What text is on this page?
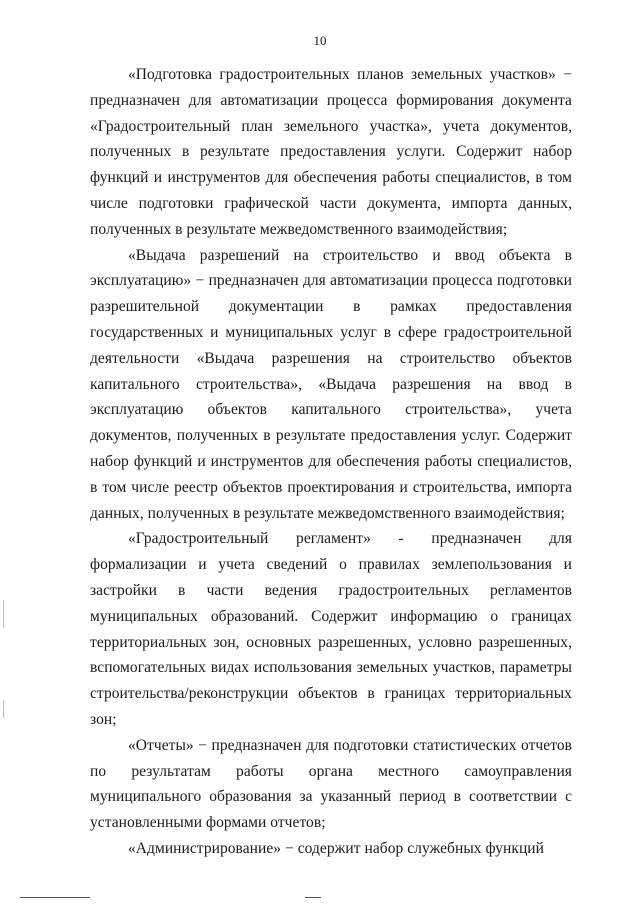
10

«Подготовка градостроительных планов земельных участков» − предназначен для автоматизации процесса формирования документа «Градостроительный план земельного участка», учета документов, полученных в результате предоставления услуги. Содержит набор функций и инструментов для обеспечения работы специалистов, в том числе подготовки графической части документа, импорта данных, полученных в результате межведомственного взаимодействия;

«Выдача разрешений на строительство и ввод объекта в эксплуатацию» − предназначен для автоматизации процесса подготовки разрешительной документации в рамках предоставления государственных и муниципальных услуг в сфере градостроительной деятельности «Выдача разрешения на строительство объектов капитального строительства», «Выдача разрешения на ввод в эксплуатацию объектов капитального строительства», учета документов, полученных в результате предоставления услуг. Содержит набор функций и инструментов для обеспечения работы специалистов, в том числе реестр объектов проектирования и строительства, импорта данных, полученных в результате межведомственного взаимодействия;

«Градостроительный регламент» - предназначен для формализации и учета сведений о правилах землепользования и застройки в части ведения градостроительных регламентов муниципальных образований. Содержит информацию о границах территориальных зон, основных разрешенных, условно разрешенных, вспомогательных видах использования земельных участков, параметры строительства/реконструкции объектов в границах территориальных зон;

«Отчеты» − предназначен для подготовки статистических отчетов по результатам работы органа местного самоуправления муниципального образования за указанный период в соответствии с установленными формами отчетов;

«Администрирование» − содержит набор служебных функций
